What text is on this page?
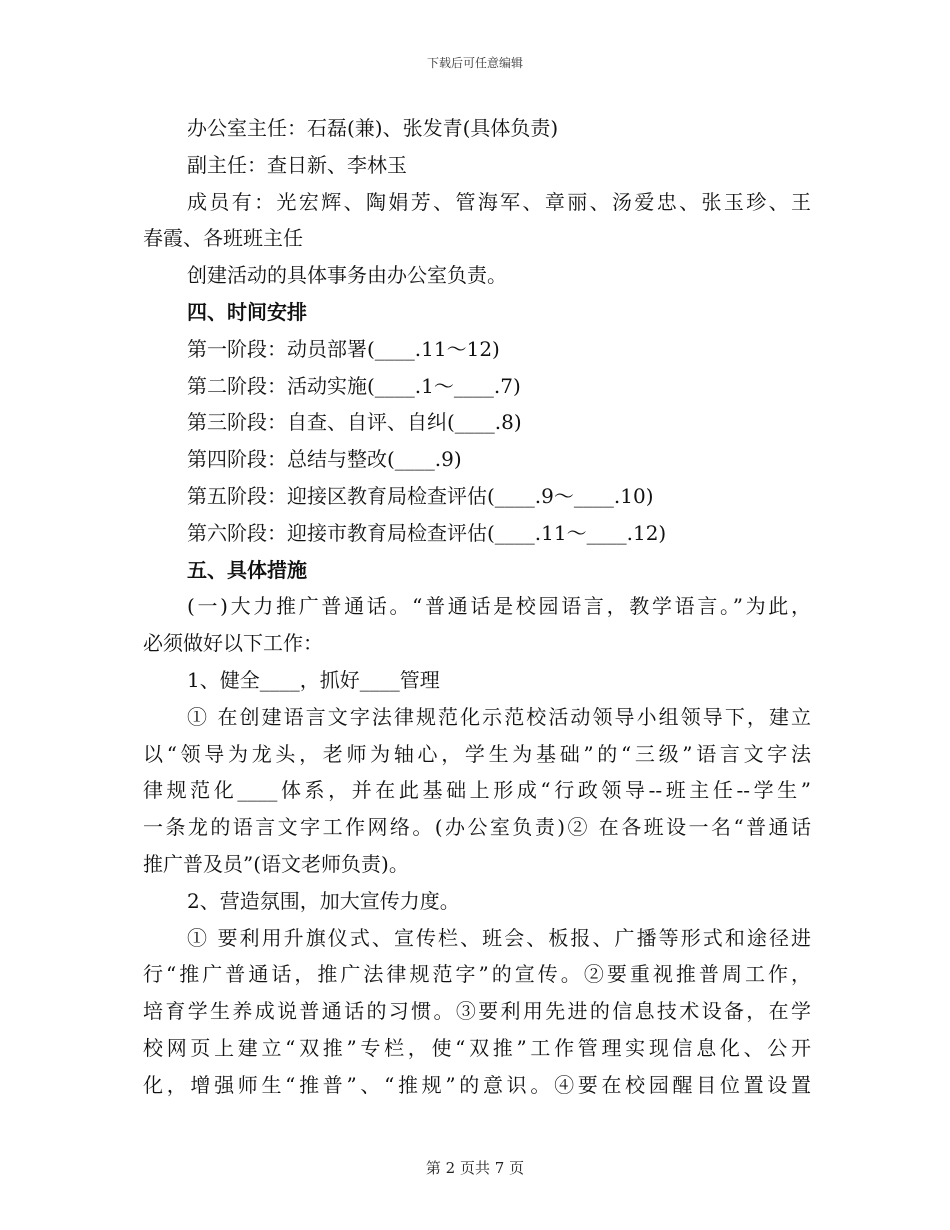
下载后可任意编辑
办公室主任：石磊(兼)、张发青(具体负责)
副主任：查日新、李林玉
成员有：光宏辉、陶娟芳、管海军、章丽、汤爱忠、张玉珍、王
春霞、各班班主任
创建活动的具体事务由办公室负责。
四、时间安排
第一阶段：动员部署(____.11～12)
第二阶段：活动实施(____.1～____.7)
第三阶段：自查、自评、自纠(____.8)
第四阶段：总结与整改(____.9)
第五阶段：迎接区教育局检查评估(____.9～____.10)
第六阶段：迎接市教育局检查评估(____.11～____.12)
五、具体措施
(一)大力推广普通话。“普通话是校园语言，教学语言。”为此，
必须做好以下工作：
1、健全____，抓好____管理
① 在创建语言文字法律规范化示范校活动领导小组领导下，建立
以“领导为龙头，老师为轴心，学生为基础”的“三级”语言文字法
律规范化____体系，并在此基础上形成“行政领导--班主任--学生”
一条龙的语言文字工作网络。(办公室负责)② 在各班设一名“普通话
推广普及员”(语文老师负责)。
2、营造氛围，加大宣传力度。
① 要利用升旗仪式、宣传栏、班会、板报、广播等形式和途径进
行“推广普通话，推广法律规范字”的宣传。②要重视推普周工作，
培育学生养成说普通话的习惯。③要利用先进的信息技术设备，在学
校网页上建立“双推”专栏，使“双推”工作管理实现信息化、公开
化，增强师生“推普”、“推规”的意识。④要在校园醒目位置设置
第 2 页共 7 页
